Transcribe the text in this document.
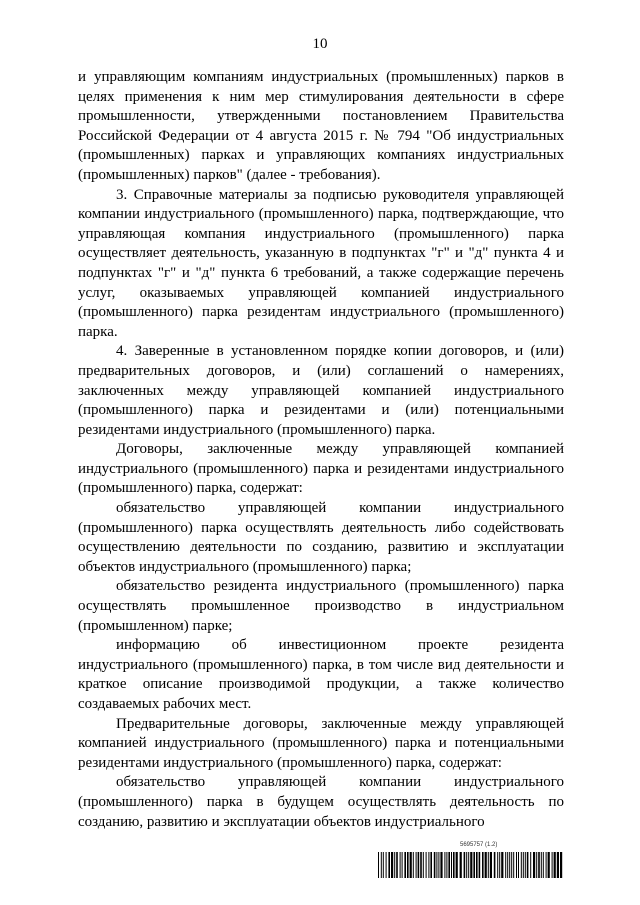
10

и управляющим компаниям индустриальных (промышленных) парков в целях применения к ним мер стимулирования деятельности в сфере промышленности, утвержденными постановлением Правительства Российской Федерации от 4 августа 2015 г. № 794 "Об индустриальных (промышленных) парках и управляющих компаниях индустриальных (промышленных) парков" (далее - требования).

3. Справочные материалы за подписью руководителя управляющей компании индустриального (промышленного) парка, подтверждающие, что управляющая компания индустриального (промышленного) парка осуществляет деятельность, указанную в подпунктах "г" и "д" пункта 4 и подпунктах "г" и "д" пункта 6 требований, а также содержащие перечень услуг, оказываемых управляющей компанией индустриального (промышленного) парка резидентам индустриального (промышленного) парка.

4. Заверенные в установленном порядке копии договоров, и (или) предварительных договоров, и (или) соглашений о намерениях, заключенных между управляющей компанией индустриального (промышленного) парка и резидентами и (или) потенциальными резидентами индустриального (промышленного) парка.

Договоры, заключенные между управляющей компанией индустриального (промышленного) парка и резидентами индустриального (промышленного) парка, содержат:

обязательство управляющей компании индустриального (промышленного) парка осуществлять деятельность либо содействовать осуществлению деятельности по созданию, развитию и эксплуатации объектов индустриального (промышленного) парка;

обязательство резидента индустриального (промышленного) парка осуществлять промышленное производство в индустриальном (промышленном) парке;

информацию об инвестиционном проекте резидента индустриального (промышленного) парка, в том числе вид деятельности и краткое описание производимой продукции, а также количество создаваемых рабочих мест.

Предварительные договоры, заключенные между управляющей компанией индустриального (промышленного) парка и потенциальными резидентами индустриального (промышленного) парка, содержат:

обязательство управляющей компании индустриального (промышленного) парка в будущем осуществлять деятельность по созданию, развитию и эксплуатации объектов индустриального

5695757 (1.2)
